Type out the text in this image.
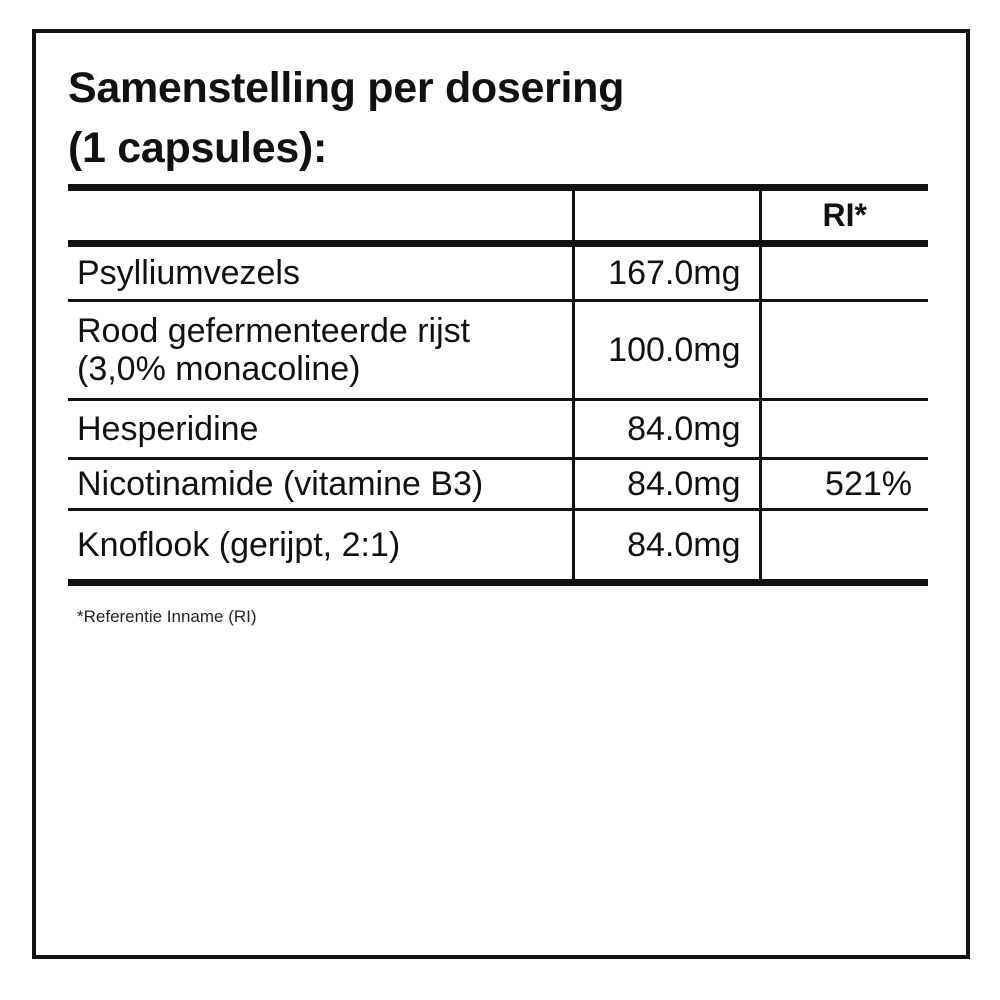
Samenstelling per dosering
(1 capsules):
		RI*
Psylliumvezels	167.0mg	
Rood gefermenteerde rijst
(3,0% monacoline)	100.0mg	
Hesperidine	84.0mg	
Nicotinamide (vitamine B3)	84.0mg	521%
Knoflook (gerijpt, 2:1)	84.0mg	
*Referentie Inname (RI)
